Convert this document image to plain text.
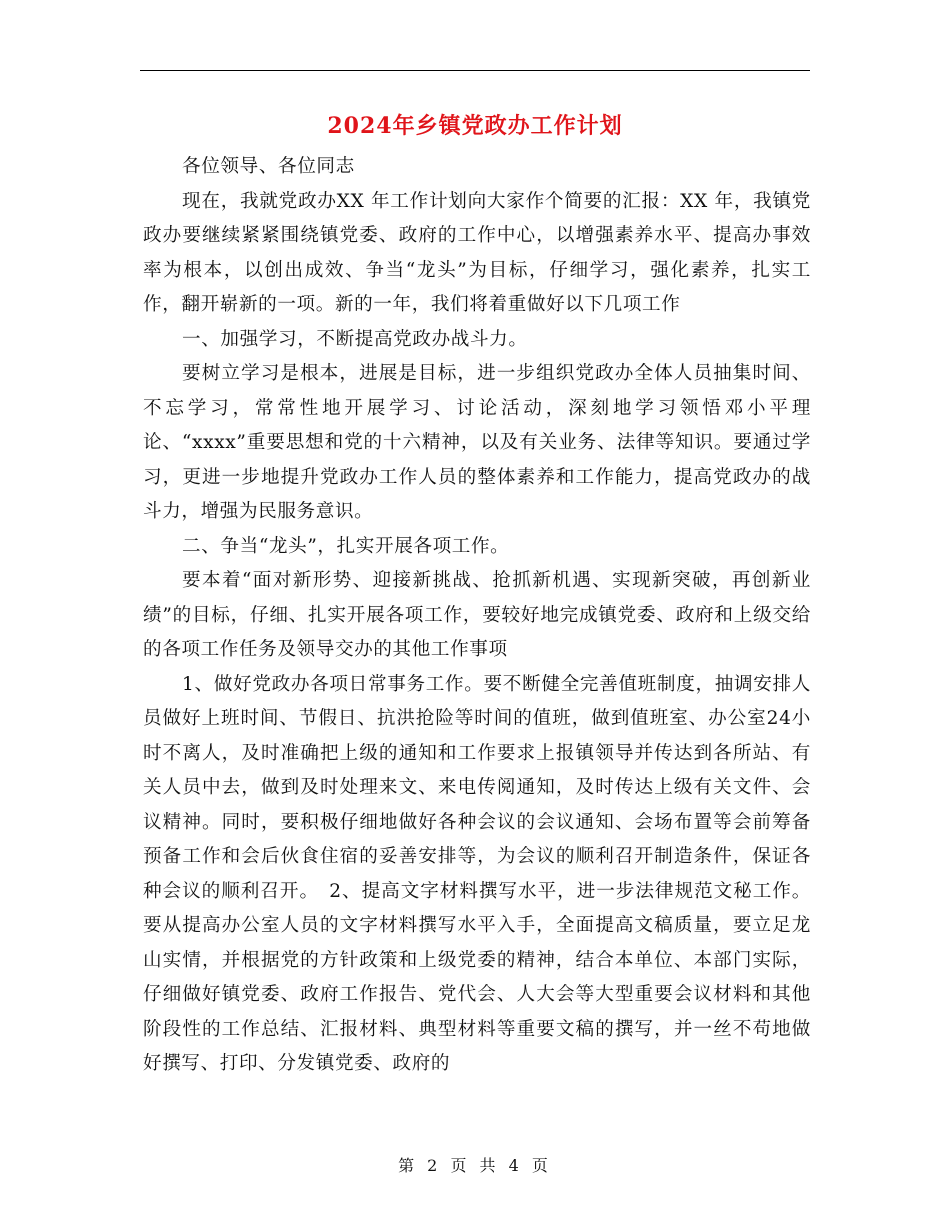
2024年乡镇党政办工作计划

各位领导、各位同志

现在，我就党政办XX 年工作计划向大家作个简要的汇报：XX 年，我镇党政办要继续紧紧围绕镇党委、政府的工作中心，以增强素养水平、提高办事效率为根本，以创出成效、争当“龙头”为目标，仔细学习，强化素养，扎实工作，翻开崭新的一项。新的一年，我们将着重做好以下几项工作

一、加强学习，不断提高党政办战斗力。

要树立学习是根本，进展是目标，进一步组织党政办全体人员抽集时间、不忘学习，常常性地开展学习、讨论活动，深刻地学习领悟邓小平理论、“xxxx”重要思想和党的十六精神，以及有关业务、法律等知识。要通过学习，更进一步地提升党政办工作人员的整体素养和工作能力，提高党政办的战斗力，增强为民服务意识。

二、争当“龙头”，扎实开展各项工作。

要本着“面对新形势、迎接新挑战、抢抓新机遇、实现新突破，再创新业绩”的目标，仔细、扎实开展各项工作，要较好地完成镇党委、政府和上级交给的各项工作任务及领导交办的其他工作事项

1、做好党政办各项日常事务工作。要不断健全完善值班制度，抽调安排人员做好上班时间、节假日、抗洪抢险等时间的值班，做到值班室、办公室24小时不离人，及时准确把上级的通知和工作要求上报镇领导并传达到各所站、有关人员中去，做到及时处理来文、来电传阅通知，及时传达上级有关文件、会议精神。同时，要积极仔细地做好各种会议的会议通知、会场布置等会前筹备预备工作和会后伙食住宿的妥善安排等，为会议的顺利召开制造条件，保证各种会议的顺利召开。　2、提高文字材料撰写水平，进一步法律规范文秘工作。要从提高办公室人员的文字材料撰写水平入手，全面提高文稿质量，要立足龙山实情，并根据党的方针政策和上级党委的精神，结合本单位、本部门实际，仔细做好镇党委、政府工作报告、党代会、人大会等大型重要会议材料和其他阶段性的工作总结、汇报材料、典型材料等重要文稿的撰写，并一丝不苟地做好撰写、打印、分发镇党委、政府的

第 2 页 共 4 页
